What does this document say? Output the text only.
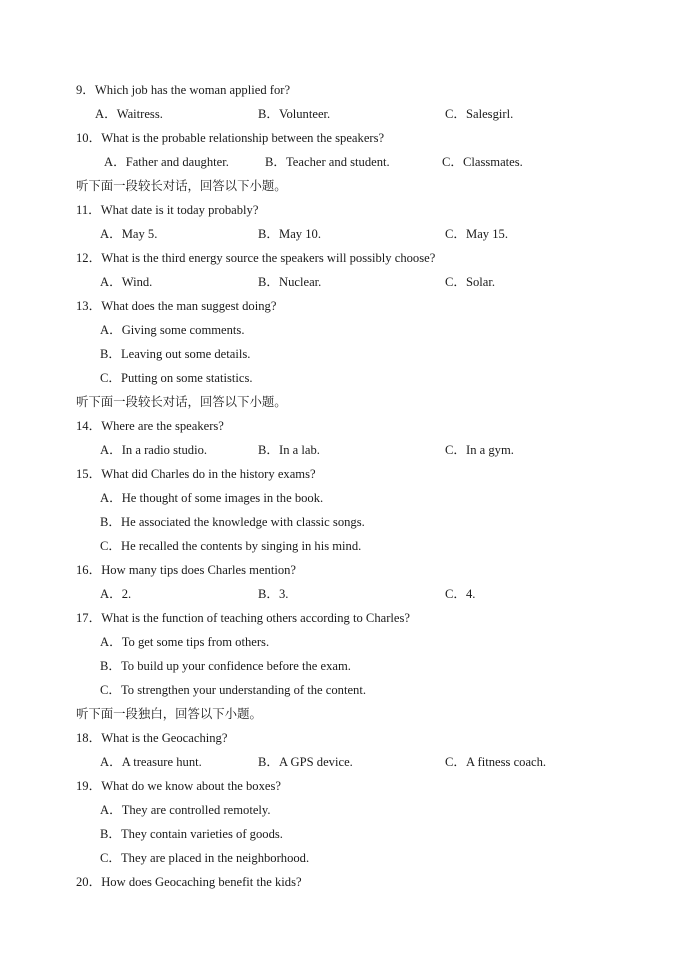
9．Which job has the woman applied for?
A．Waitress.	B．Volunteer.	C．Salesgirl.
10．What is the probable relationship between the speakers?
A．Father and daughter.	B．Teacher and student.	C．Classmates.
听下面一段较长对话，回答以下小题。
11．What date is it today probably?
A．May 5.	B．May 10.	C．May 15.
12．What is the third energy source the speakers will possibly choose?
A．Wind.	B．Nuclear.	C．Solar.
13．What does the man suggest doing?
A．Giving some comments.
B．Leaving out some details.
C．Putting on some statistics.
听下面一段较长对话，回答以下小题。
14．Where are the speakers?
A．In a radio studio.	B．In a lab.	C．In a gym.
15．What did Charles do in the history exams?
A．He thought of some images in the book.
B．He associated the knowledge with classic songs.
C．He recalled the contents by singing in his mind.
16．How many tips does Charles mention?
A．2.	B．3.	C．4.
17．What is the function of teaching others according to Charles?
A．To get some tips from others.
B．To build up your confidence before the exam.
C．To strengthen your understanding of the content.
听下面一段独白，回答以下小题。
18．What is the Geocaching?
A．A treasure hunt.	B．A GPS device.	C．A fitness coach.
19．What do we know about the boxes?
A．They are controlled remotely.
B．They contain varieties of goods.
C．They are placed in the neighborhood.
20．How does Geocaching benefit the kids?
